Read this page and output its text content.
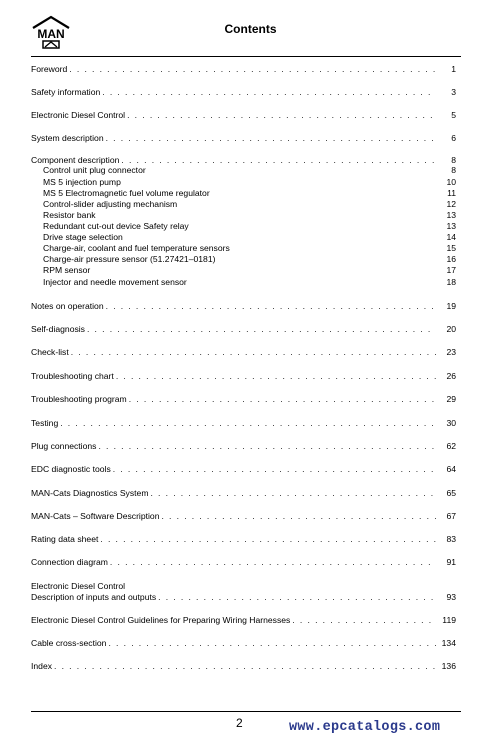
MAN	Contents
Foreword . . .	1
Safety information . . .	3
Electronic Diesel Control . . .	5
System description . . .	6
Component description . . .	8
Control unit plug connector	8
MS 5 injection pump	10
MS 5 Electromagnetic fuel volume regulator	11
Control-slider adjusting mechanism	12
Resistor bank	13
Redundant cut-out device Safety relay	13
Drive stage selection	14
Charge-air, coolant and fuel temperature sensors	15
Charge-air pressure sensor (51.27421–0181)	16
RPM sensor	17
Injector and needle movement sensor	18
Notes on operation . . .	19
Self-diagnosis . . .	20
Check-list . . .	23
Troubleshooting chart . . .	26
Troubleshooting program . . .	29
Testing . . .	30
Plug connections . . .	62
EDC diagnostic tools . . .	64
MAN-Cats Diagnostics System . . .	65
MAN-Cats – Software Description . . .	67
Rating data sheet . . .	83
Connection diagram . . .	91
Electronic Diesel Control
Description of inputs and outputs . . .	93
Electronic Diesel Control Guidelines for Preparing Wiring Harnesses . . .	119
Cable cross-section . . .	134
Index . . .	136
2	www.epcatalogs.com
